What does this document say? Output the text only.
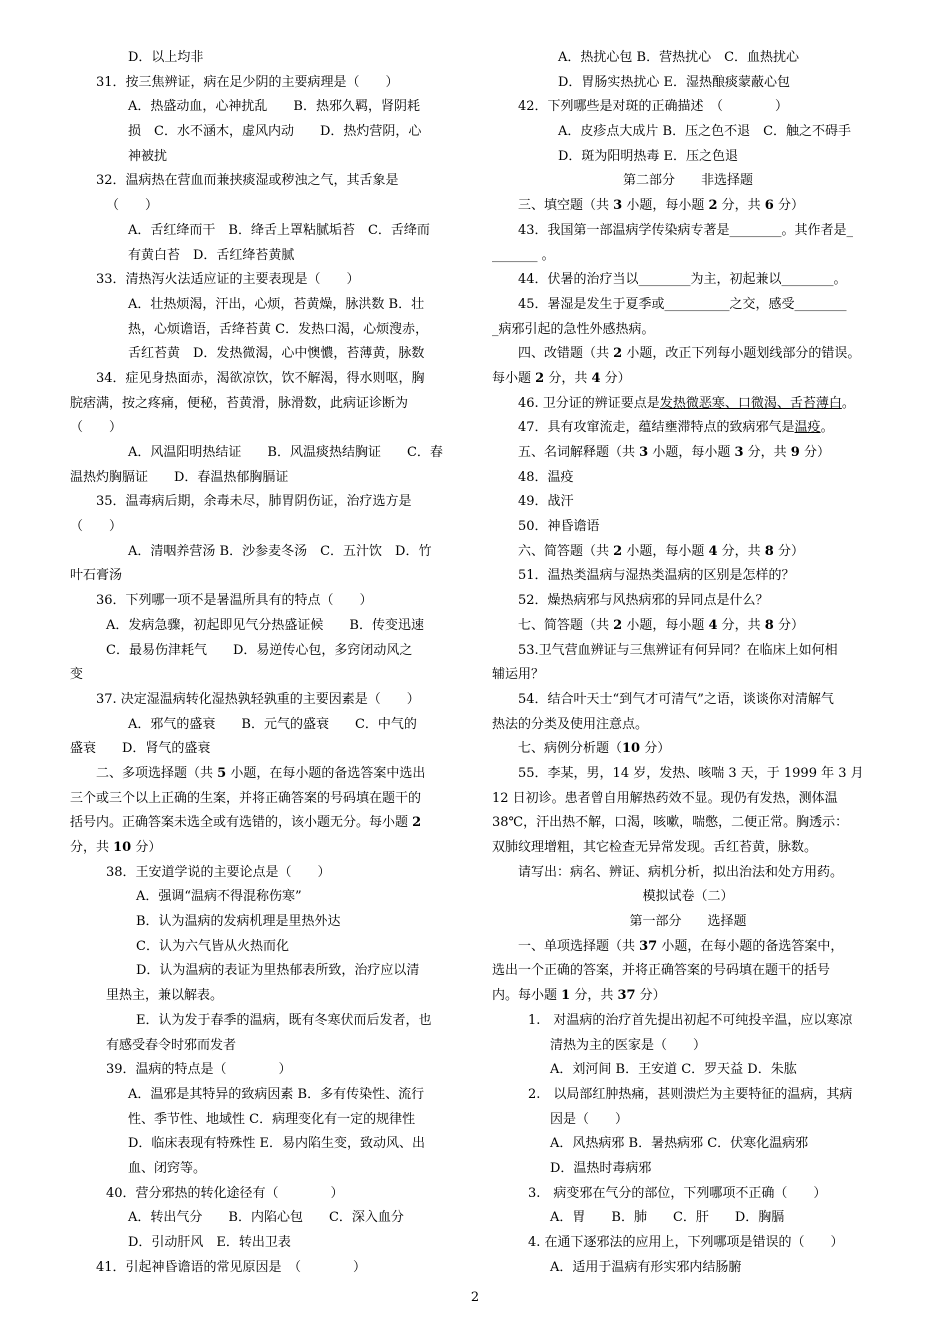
D．以上均非
31．按三焦辨证，病在足少阴的主要病理是（　　）
A．热盛动血，心神扰乱　　B．热邪久羁，肾阴耗
损　C．水不涵木，虚风内动　　D．热灼营阴，心
神被扰
32．温病热在营血而兼挟痰湿或秽浊之气，其舌象是
（　　）
A．舌红绛而干　B．绛舌上罩粘腻垢苔　C．舌绛而
有黄白苔　D．舌红绛苔黄腻
33．清热泻火法适应证的主要表现是（　　）
A．壮热烦渴，汗出，心烦，苔黄燥，脉洪数 B．壮
热，心烦谵语，舌绛苔黄 C．发热口渴，心烦溲赤，
舌红苔黄　D．发热微渴，心中懊憹，苔薄黄，脉数
34．症见身热面赤，渴欲凉饮，饮不解渴，得水则呕，胸
脘痞满，按之疼痛，便秘，苔黄滑，脉滑数，此病证诊断为
（　　）
A．风温阳明热结证　　B．风温痰热结胸证　　C．春
温热灼胸膈证　　D．春温热郁胸膈证
35．温毒病后期，余毒未尽，肺胃阴伤证，治疗选方是
（　　）
A．清咽养营汤 B．沙参麦冬汤　C．五汁饮　D．竹
叶石膏汤
36．下列哪一项不是暑温所具有的特点（　　）
A．发病急骤，初起即见气分热盛证候　　B．传变迅速
C．最易伤津耗气　　D．易逆传心包，多窍闭动风之
变
37. 决定湿温病转化湿热孰轻孰重的主要因素是（　　）
A．邪气的盛衰　　B．元气的盛衰　　C．中气的
盛衰　　D．肾气的盛衰
二、多项选择题（共 5 小题，在每小题的备选答案中选出
三个或三个以上正确的生案，并将正确答案的号码填在题干的
括号内。正确答案未选全或有选错的，该小题无分。每小题 2
分，共 10 分）
38．王安道学说的主要论点是（　　）
A．强调“温病不得混称伤寒”
B．认为温病的发病机理是里热外达
C．认为六气皆从火热而化
D．认为温病的表证为里热郁表所致，治疗应以清
里热主，兼以解表。
E．认为发于春季的温病，既有冬寒伏而后发者，也
有感受春令时邪而发者
39．温病的特点是（　　　　）
A．温邪是其特异的致病因素 B．多有传染性、流行
性、季节性、地域性 C．病理变化有一定的规律性
D．临床表现有特殊性 E．易内陷生变，致动风、出
血、闭窍等。
40．营分邪热的转化途径有（　　　　）
A．转出气分　　B．内陷心包　　C．深入血分
D．引动肝风　E．转出卫表
41．引起神昏谵语的常见原因是　（　　　　）
A．热扰心包 B．营热扰心　C．血热扰心
D．胃肠实热扰心 E．湿热酿痰蒙蔽心包
42．下列哪些是对斑的正确描述　（　　　　）
A．皮疹点大成片 B．压之色不退　C．触之不碍手
D．斑为阳明热毒 E．压之色退
第二部分　　非选择题
三、填空题（共 3 小题，每小题 2 分，共 6 分）
43．我国第一部温病学传染病专著是________。其作者是_
_______ 。
44．伏暑的治疗当以________为主，初起兼以________。
45．暑湿是发生于夏季或__________之交，感受________
_病邪引起的急性外感热病。
四、改错题（共 2 小题，改正下列每小题划线部分的错误。
每小题 2 分，共 4 分）
46. 卫分证的辨证要点是发热微恶寒、口微渴、舌苔薄白。
47．具有攻窜流走，蕴结壅滞特点的致病邪气是温疫。
五、名词解释题（共 3 小题，每小题 3 分，共 9 分）
48．温疫
49．战汗
50．神昏谵语
六、简答题（共 2 小题，每小题 4 分，共 8 分）
51．温热类温病与湿热类温病的区别是怎样的？
52．燥热病邪与风热病邪的异同点是什么？
七、简答题（共 2 小题，每小题 4 分，共 8 分）
53.卫气营血辨证与三焦辨证有何异同？在临床上如何相
辅运用？
54．结合叶天士“到气才可清气”之语，谈谈你对清解气
热法的分类及使用注意点。
七、病例分析题（10 分）
55．李某，男，14 岁，发热、咳喘 3 天，于 1999 年 3 月
12 日初诊。患者曾自用解热药效不显。现仍有发热，测体温
38℃，汗出热不解，口渴，咳嗽，喘憋，二便正常。胸透示：
双肺纹理增粗，其它检查无异常发现。舌红苔黄，脉数。
请写出：病名、辨证、病机分析，拟出治法和处方用药。
模拟试卷（二）
第一部分　　选择题
一、单项选择题（共 37 小题，在每小题的备选答案中，
选出一个正确的答案，并将正确答案的号码填在题干的括号
内。每小题 1 分，共 37 分）
1.　对温病的治疗首先提出初起不可纯投辛温，应以寒凉
清热为主的医家是（　　）
A．刘河间 B．王安道 C．罗天益 D．朱肱
2.　以局部红肿热痛，甚则溃烂为主要特征的温病，其病
因是（　　）
A．风热病邪 B．暑热病邪 C．伏寒化温病邪
D．温热时毒病邪
3.　病变邪在气分的部位，下列哪项不正确（　　）
A．胃　　B．肺　　C．肝　　D．胸膈
4. 在通下逐邪法的应用上，下列哪项是错误的（　　）
A．适用于温病有形实邪内结肠腑
2
